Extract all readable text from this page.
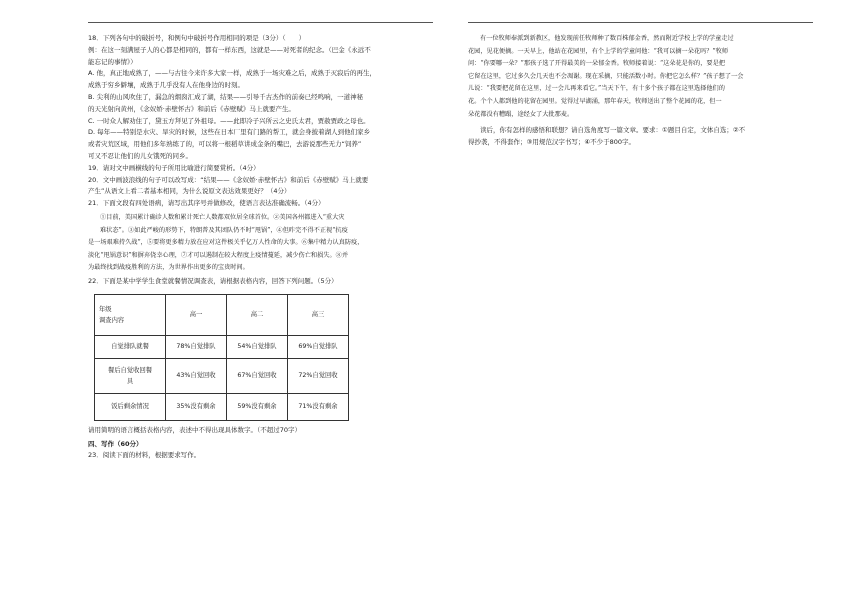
18．下列各句中的破折号，和例句中破折号作用相同的项是（3分）（　　）

例：在这一刻满屋子人的心都是相同的，都有一样东西，这就是——对死者的纪念。（巴金《永远不

能忘记的事情》）

A. 他，真正地成熟了，——与古往今来许多大家一样，成熟于一场灾难之后，成熟于灭寂后的再生，

成熟于穷乡僻壤，成熟于几乎没有人在他身边的时刻。

B. 尖利的山风吹住了，漏急的烟囱汇成了湖，结果——引导千古杰作的前奏已经鸣响，一道神秘

的天光射向黄州，《念奴娇·赤壁怀古》和前后《赤壁赋》马上就要产生。

C. 一时众人解劝住了，黛玉方拜见了外祖母。——此即冷子兴所云之史氏太君，贾赦贾政之母也。

D. 每年——特别是水灾、旱灾的时候，这些在日本厂里有门路的帮工，就会身披着湖人到他们家乡

或者灾荒区域，用他们多年熟练了的，可以将一根稻草讲成金条的嘴巴，去游说那些无力“饲养”

可又不忍让他们的儿女饿死的同乡。

19．请对文中画横线的句子所用比喻进行简要赏析。（4分）

20．文中画波浪线的句子可以改写成：“结果——《念奴娇·赤壁怀古》和前后《赤壁赋》马上就要

产生”从语文上看二者基本相同，为什么说原文表达效果更好？（4分）

21．下面文段有四处语病，请写出其序号并做修改，使语言表达准确流畅。（4分）

①目前，美国累计确诊人数和累计死亡人数都双位居全球首位。②美国各州都进入“重大灾

难状态”。③如此严峻的形势下，特朗普及其团队仍不时“甩锅”，④但昨完不得不正视“抗疫

是一场艰难持久战”，⑤要将更多精力放在应对这件极关乎亿万人性命的大事。⑥集中精力认真防疫，

淡化“甩锅意识”和摒弃侥幸心理，⑦才可以遏制在较大程度上疫情蔓延，减少伤亡和损失。⑧并

为最终找到战疫胜利的方法，为世界作出更多的宝贵时间。

22．下面是某中学学生食堂就餐情况调查表，请根据表格内容，回答下列问题。（5分）

年级
调查内容	高一	高二	高三
自觉排队就餐	78%自觉排队	54%自觉排队	69%自觉排队

餐后自觉收回餐
具	43%自觉回收	67%自觉回收	72%自觉回收
饭后剩余情况	35%没有剩余	59%没有剩余	71%没有剩余

请用简明的语言概括表格内容，表述中不得出现具体数字。（不超过70字）

四、写作（60分）

23．阅读下面的材料，根据要求写作。

有一位牧师奉派到新教区，他发现前任牧师种了数百株郁金香，然而附近学校上学的学童走过

花园，见花便摘。一天早上，他站在花园里，有个上学的学童问他：“我可以摘一朵花吗？”牧师

问：“你要哪一朵？”那孩子选了开得最美的一朵郁金香。牧师接着说：“这朵花是你的，要是把

它留在这里，它过多久会几天也不会凋谢。现在采摘，只能活数小时。你把它怎么样？”孩子想了一会

儿说：“我要把花留在这里，过一会儿再来看它。”当天下午，有十多个孩子都在这里选择他们的

花。个个人都到他的花留在园里。觉得过早湖涌，那年春天，牧师送出了整个花园的花，但一

朵花都没有糟蹋，途经女了大批那麦。

读后，你有怎样的感悟和联想？请自选角度写一篇文章。要求：①题目自定，文体自选；②不

得抄袭，不得套作；③用规范汉字书写；④不少于800字。
